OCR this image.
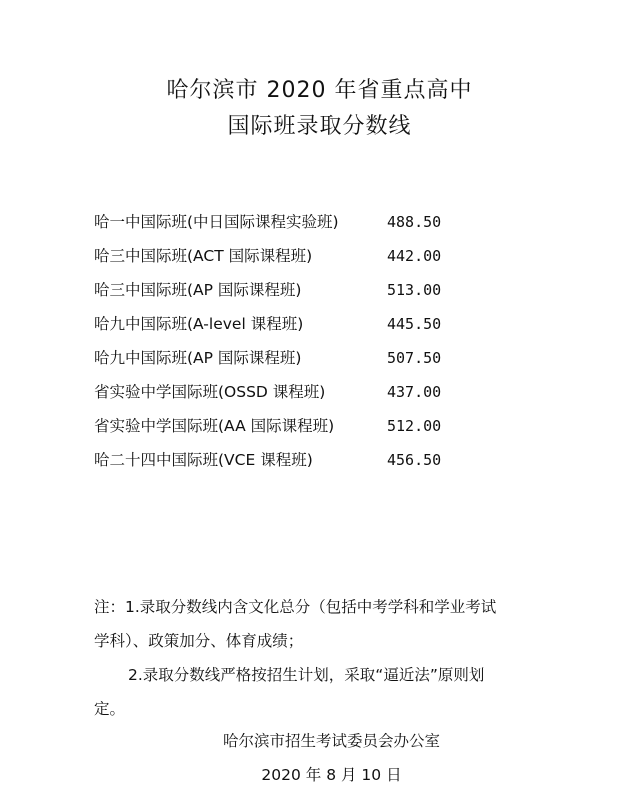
哈尔滨市 2020 年省重点高中
国际班录取分数线
哈一中国际班(中日国际课程实验班)	488.50
哈三中国际班(ACT 国际课程班)	442.00
哈三中国际班(AP 国际课程班)	513.00
哈九中国际班(A-level 课程班)	445.50
哈九中国际班(AP 国际课程班)	507.50
省实验中学国际班(OSSD 课程班)	437.00
省实验中学国际班(AA 国际课程班)	512.00
哈二十四中国际班(VCE 课程班)	456.50
注：1.录取分数线内含文化总分（包括中考学科和学业考试
学科）、政策加分、体育成绩；
2.录取分数线严格按招生计划，采取“逼近法”原则划
定。
哈尔滨市招生考试委员会办公室
2020 年 8 月 10 日
